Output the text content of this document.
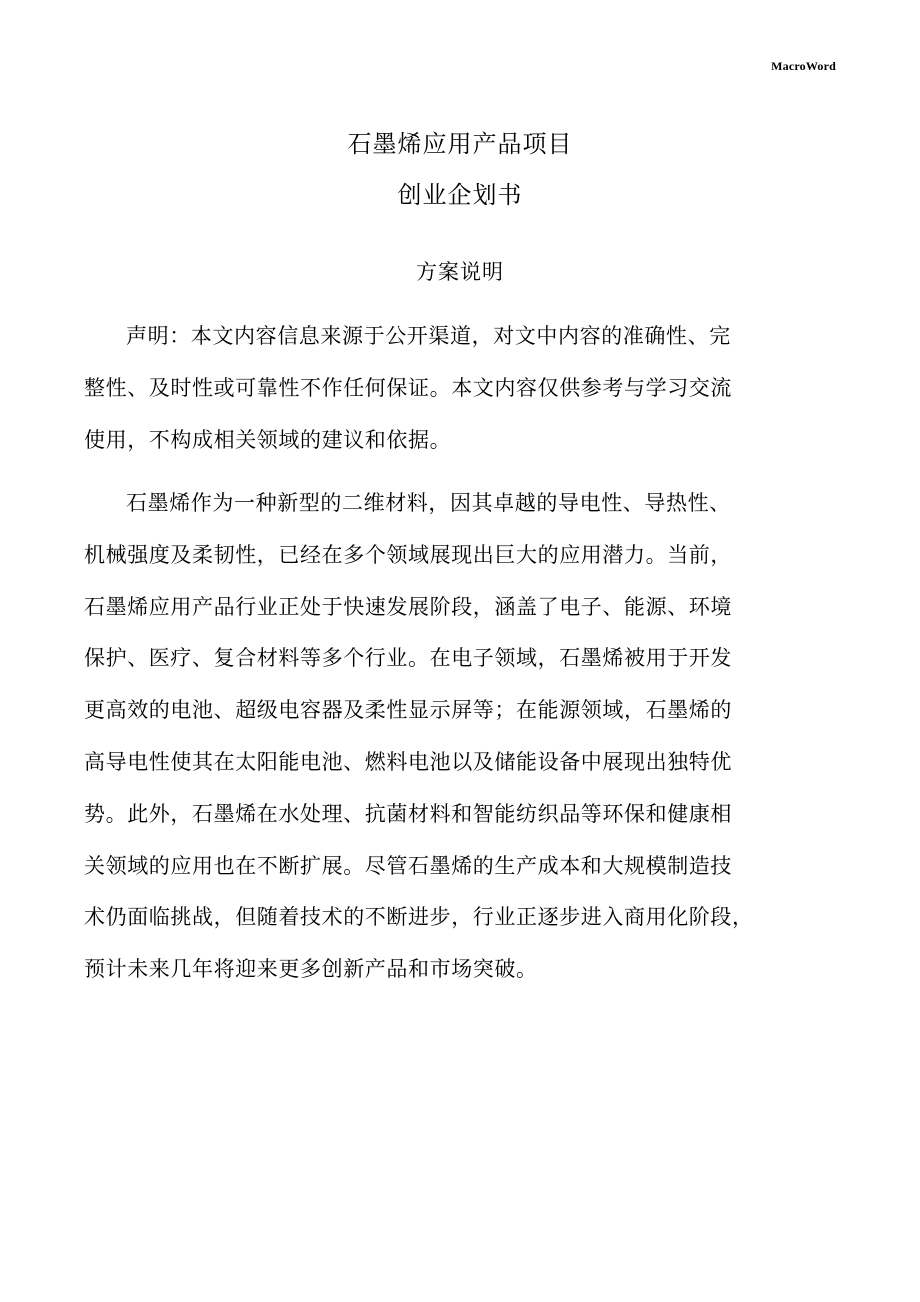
MacroWord
石墨烯应用产品项目
创业企划书
方案说明
声明：本文内容信息来源于公开渠道，对文中内容的准确性、完
整性、及时性或可靠性不作任何保证。本文内容仅供参考与学习交流
使用，不构成相关领域的建议和依据。
石墨烯作为一种新型的二维材料，因其卓越的导电性、导热性、
机械强度及柔韧性，已经在多个领域展现出巨大的应用潜力。当前，
石墨烯应用产品行业正处于快速发展阶段，涵盖了电子、能源、环境
保护、医疗、复合材料等多个行业。在电子领域，石墨烯被用于开发
更高效的电池、超级电容器及柔性显示屏等；在能源领域，石墨烯的
高导电性使其在太阳能电池、燃料电池以及储能设备中展现出独特优
势。此外，石墨烯在水处理、抗菌材料和智能纺织品等环保和健康相
关领域的应用也在不断扩展。尽管石墨烯的生产成本和大规模制造技
术仍面临挑战，但随着技术的不断进步，行业正逐步进入商用化阶段，
预计未来几年将迎来更多创新产品和市场突破。
